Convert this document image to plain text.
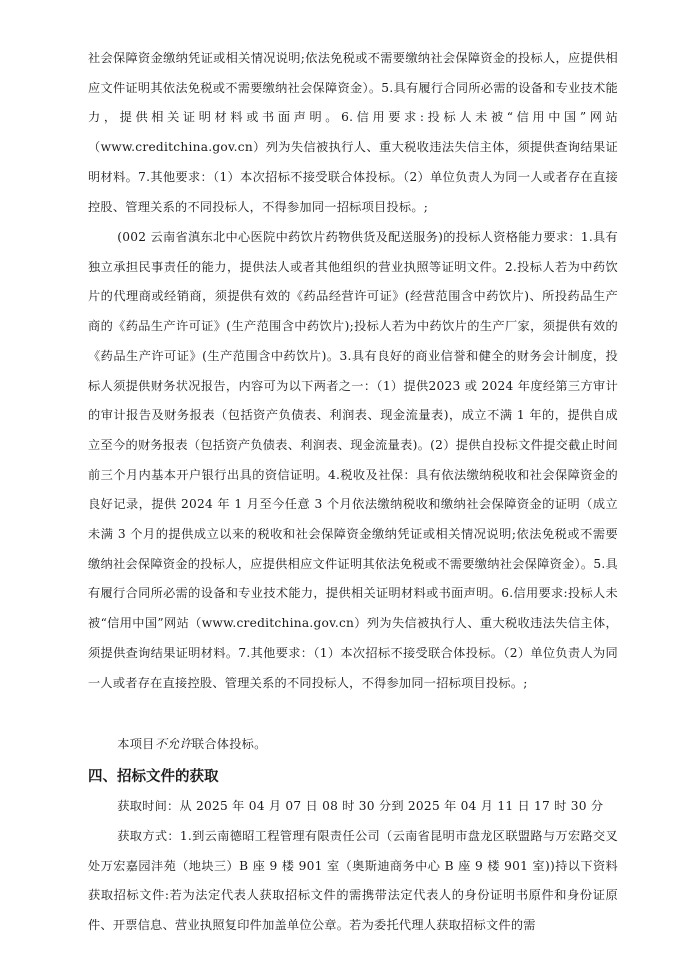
社会保障资金缴纳凭证或相关情况说明;依法免税或不需要缴纳社会保障资金的投标人，应提供相应文件证明其依法免税或不需要缴纳社会保障资金）。5.具有履行合同所必需的设备和专业技术能力，提供相关证明材料或书面声明。6.信用要求:投标人未被“信用中国”网站（www.creditchina.gov.cn）列为失信被执行人、重大税收违法失信主体，须提供查询结果证明材料。7.其他要求：（1）本次招标不接受联合体投标。（2）单位负责人为同一人或者存在直接控股、管理关系的不同投标人，不得参加同一招标项目投标。;

(002 云南省滇东北中心医院中药饮片药物供货及配送服务)的投标人资格能力要求：1.具有独立承担民事责任的能力，提供法人或者其他组织的营业执照等证明文件。2.投标人若为中药饮片的代理商或经销商，须提供有效的《药品经营许可证》(经营范围含中药饮片)、所投药品生产商的《药品生产许可证》(生产范围含中药饮片);投标人若为中药饮片的生产厂家，须提供有效的《药品生产许可证》(生产范围含中药饮片)。3.具有良好的商业信誉和健全的财务会计制度，投标人须提供财务状况报告，内容可为以下两者之一：（1）提供2023 或 2024 年度经第三方审计的审计报告及财务报表（包括资产负债表、利润表、现金流量表)，成立不满 1 年的，提供自成立至今的财务报表（包括资产负债表、利润表、现金流量表)。(2）提供自投标文件提交截止时间前三个月内基本开户银行出具的资信证明。4.税收及社保：具有依法缴纳税收和社会保障资金的良好记录，提供 2024 年 1 月至今任意 3 个月依法缴纳税收和缴纳社会保障资金的证明（成立未满 3 个月的提供成立以来的税收和社会保障资金缴纳凭证或相关情况说明;依法免税或不需要缴纳社会保障资金的投标人，应提供相应文件证明其依法免税或不需要缴纳社会保障资金）。5.具有履行合同所必需的设备和专业技术能力，提供相关证明材料或书面声明。6.信用要求:投标人未被“信用中国”网站（www.creditchina.gov.cn）列为失信被执行人、重大税收违法失信主体，须提供查询结果证明材料。7.其他要求：（1）本次招标不接受联合体投标。（2）单位负责人为同一人或者存在直接控股、管理关系的不同投标人，不得参加同一招标项目投标。;

本项目不允许联合体投标。

四、招标文件的获取

获取时间：从 2025 年 04 月 07 日 08 时 30 分到 2025 年 04 月 11 日 17 时 30 分

获取方式：1.到云南德昭工程管理有限责任公司（云南省昆明市盘龙区联盟路与万宏路交叉处万宏嘉园沣苑（地块三）B 座 9 楼 901 室（奥斯迪商务中心 B 座 9 楼 901 室))持以下资料获取招标文件:若为法定代表人获取招标文件的需携带法定代表人的身份证明书原件和身份证原件、开票信息、营业执照复印件加盖单位公章。若为委托代理人获取招标文件的需
